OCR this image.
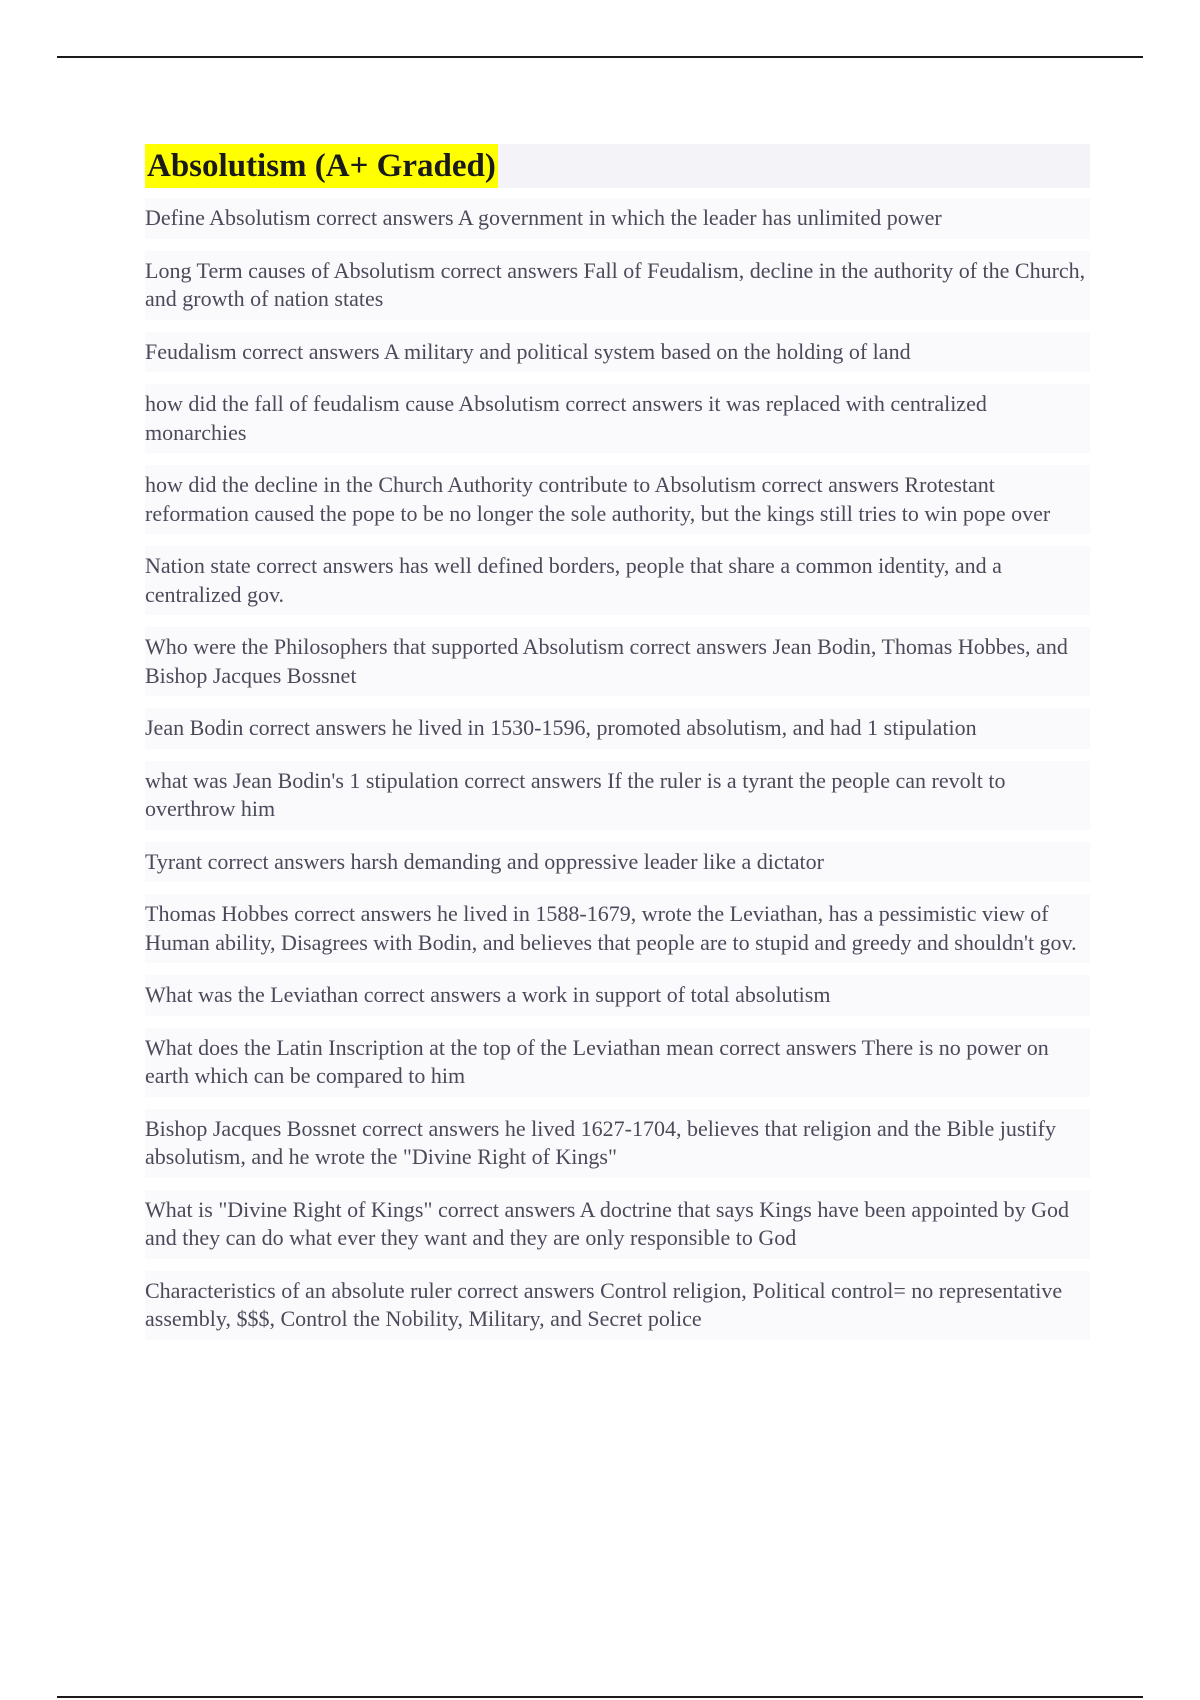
Absolutism (A+ Graded)
Define Absolutism correct answers A government in which the leader has unlimited power
Long Term causes of Absolutism correct answers Fall of Feudalism, decline in the authority of the Church, and growth of nation states
Feudalism correct answers A military and political system based on the holding of land
how did the fall of feudalism cause Absolutism correct answers it was replaced with centralized monarchies
how did the decline in the Church Authority contribute to Absolutism correct answers Rrotestant reformation caused the pope to be no longer the sole authority, but the kings still tries to win pope over
Nation state correct answers has well defined borders, people that share a common identity, and a centralized gov.
Who were the Philosophers that supported Absolutism correct answers Jean Bodin, Thomas Hobbes, and Bishop Jacques Bossnet
Jean Bodin correct answers he lived in 1530-1596, promoted absolutism, and had 1 stipulation
what was Jean Bodin's 1 stipulation correct answers If the ruler is a tyrant the people can revolt to overthrow him
Tyrant correct answers harsh demanding and oppressive leader like a dictator
Thomas Hobbes correct answers he lived in 1588-1679, wrote the Leviathan, has a pessimistic view of Human ability, Disagrees with Bodin, and believes that people are to stupid and greedy and shouldn't gov.
What was the Leviathan correct answers a work in support of total absolutism
What does the Latin Inscription at the top of the Leviathan mean correct answers There is no power on earth which can be compared to him
Bishop Jacques Bossnet correct answers he lived 1627-1704, believes that religion and the Bible justify absolutism, and he wrote the "Divine Right of Kings"
What is "Divine Right of Kings" correct answers A doctrine that says Kings have been appointed by God and they can do what ever they want and they are only responsible to God
Characteristics of an absolute ruler correct answers Control religion, Political control= no representative assembly, $$$, Control the Nobility, Military, and Secret police
